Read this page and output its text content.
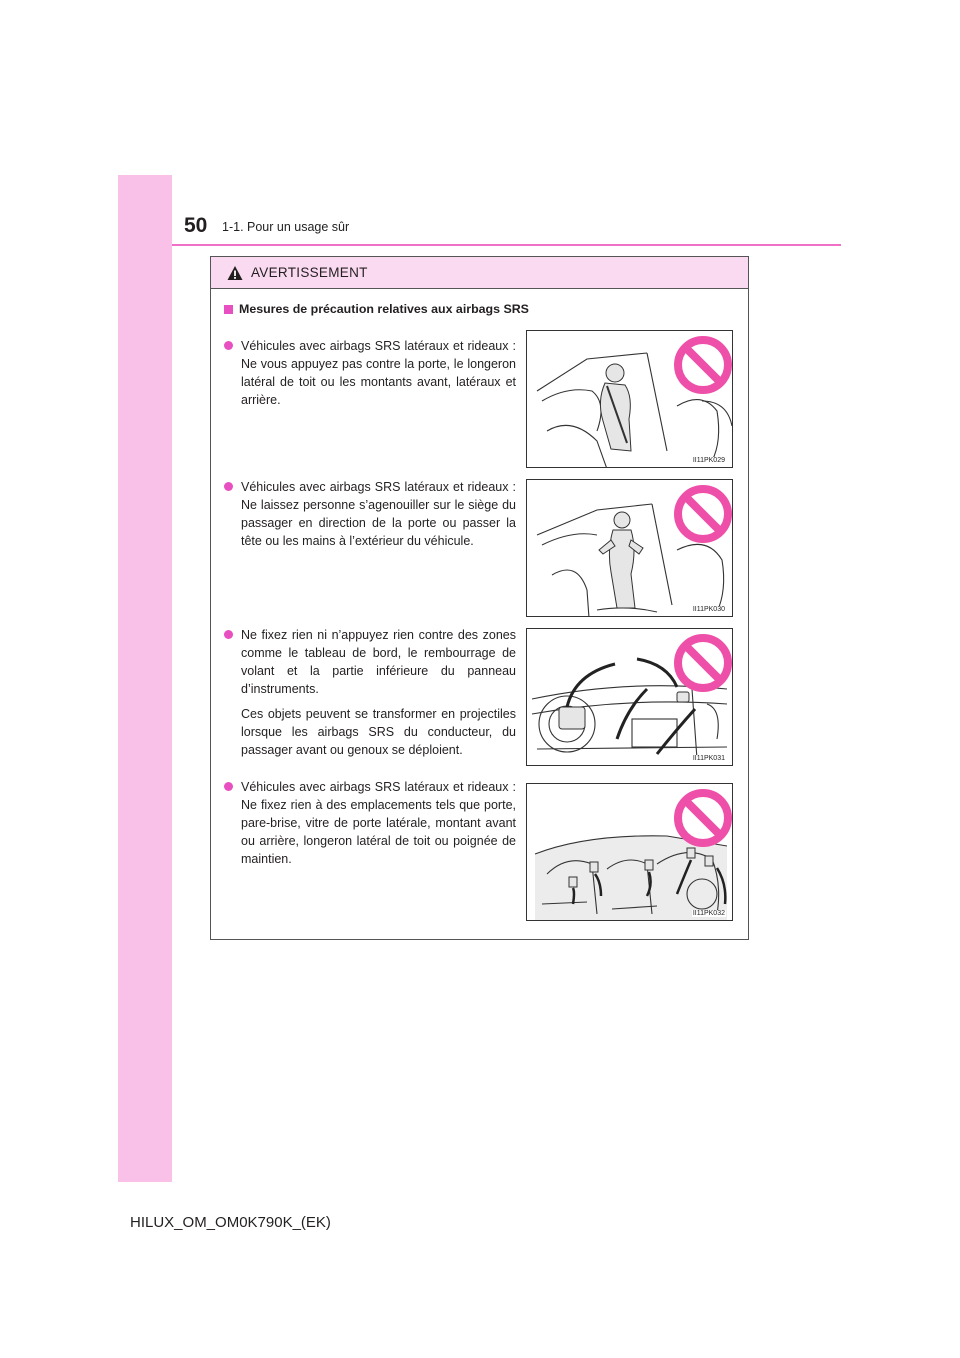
50 1-1. Pour un usage sûr
AVERTISSEMENT
Mesures de précaution relatives aux airbags SRS

Véhicules avec airbags SRS latéraux et rideaux : Ne vous appuyez pas contre la porte, le longeron latéral de toit ou les montants avant, latéraux et arrière.

II11PK029

Véhicules avec airbags SRS latéraux et rideaux : Ne laissez personne s’agenouiller sur le siège du passager en direction de la porte ou passer la tête ou les mains à l’extérieur du véhicule.

II11PK030

Ne fixez rien ni n’appuyez rien contre des zones comme le tableau de bord, le rembourrage de volant et la partie inférieure du panneau d’instruments.

Ces objets peuvent se transformer en projectiles lorsque les airbags SRS du conducteur, du passager avant ou genoux se déploient.

II11PK031

Véhicules avec airbags SRS latéraux et rideaux : Ne fixez rien à des emplacements tels que porte, pare-brise, vitre de porte latérale, montant avant ou arrière, longeron latéral de toit ou poignée de maintien.

II11PK032
HILUX_OM_OM0K790K_(EK)
